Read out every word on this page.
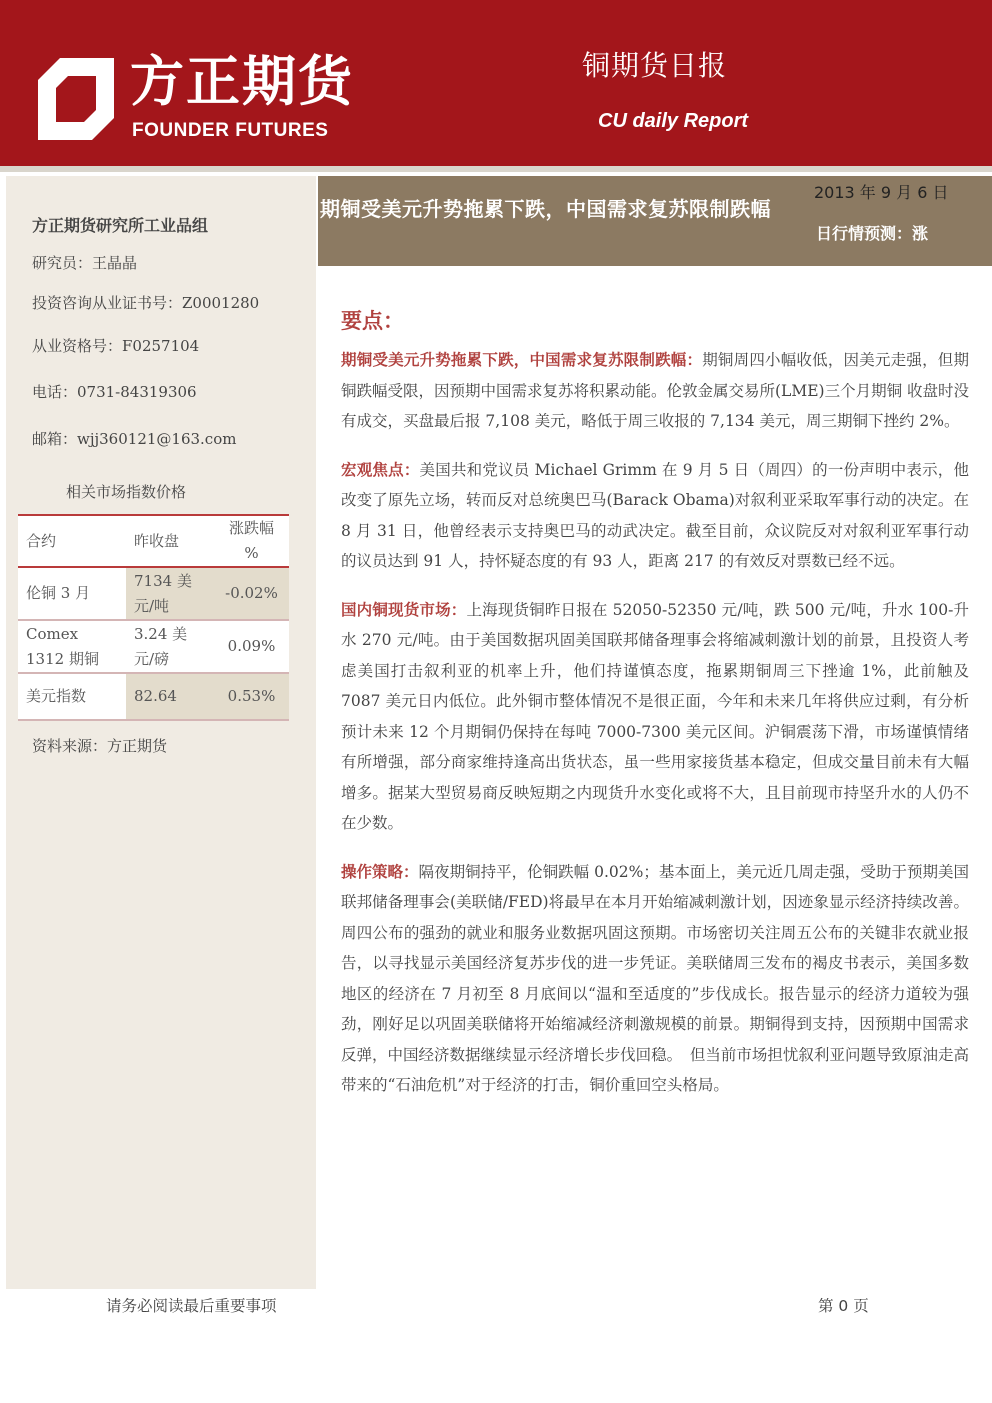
方正期货
FOUNDER FUTURES
铜期货日报
CU daily Report
方正期货研究所工业品组
研究员：王晶晶
投资咨询从业证书号：Z0001280
从业资格号：F0257104
电话：0731-84319306
邮箱：wjj360121@163.com
相关市场指数价格
合约	昨收盘	涨跌幅 %
伦铜 3 月	7134 美元/吨	-0.02%
Comex 1312 期铜	3.24 美元/磅	0.09%
美元指数	82.64	0.53%
资料来源：方正期货
2013 年 9 月 6 日
期铜受美元升势拖累下跌，中国需求复苏限制跌幅
日行情预测：涨
要点：

期铜受美元升势拖累下跌，中国需求复苏限制跌幅：期铜周四小幅收低，因美元走强，但期铜跌幅受限，因预期中国需求复苏将积累动能。伦敦金属交易所(LME)三个月期铜 收盘时没有成交，买盘最后报 7,108 美元，略低于周三收报的 7,134 美元，周三期铜下挫约 2%。

宏观焦点：美国共和党议员 Michael Grimm 在 9 月 5 日（周四）的一份声明中表示，他改变了原先立场，转而反对总统奥巴马(Barack Obama)对叙利亚采取军事行动的决定。在 8 月 31 日，他曾经表示支持奥巴马的动武决定。截至目前，众议院反对对叙利亚军事行动的议员达到 91 人，持怀疑态度的有 93 人，距离 217 的有效反对票数已经不远。

国内铜现货市场：上海现货铜昨日报在 52050-52350 元/吨，跌 500 元/吨，升水 100-升水 270 元/吨。由于美国数据巩固美国联邦储备理事会将缩减刺激计划的前景，且投资人考虑美国打击叙利亚的机率上升，他们持谨慎态度，拖累期铜周三下挫逾 1%，此前触及 7087 美元日内低位。此外铜市整体情况不是很正面，今年和未来几年将供应过剩，有分析预计未来 12 个月期铜仍保持在每吨 7000-7300 美元区间。沪铜震荡下滑，市场谨慎情绪有所增强，部分商家维持逢高出货状态，虽一些用家接货基本稳定，但成交量目前未有大幅增多。据某大型贸易商反映短期之内现货升水变化或将不大，且目前现市持坚升水的人仍不在少数。

操作策略：隔夜期铜持平，伦铜跌幅 0.02%；基本面上，美元近几周走强，受助于预期美国联邦储备理事会(美联储/FED)将最早在本月开始缩减刺激计划，因迹象显示经济持续改善。周四公布的强劲的就业和服务业数据巩固这预期。市场密切关注周五公布的关键非农就业报告，以寻找显示美国经济复苏步伐的进一步凭证。美联储周三发布的褐皮书表示，美国多数地区的经济在 7 月初至 8 月底间以“温和至适度的”步伐成长。报告显示的经济力道较为强劲，刚好足以巩固美联储将开始缩减经济刺激规模的前景。期铜得到支持，因预期中国需求反弹，中国经济数据继续显示经济增长步伐回稳。　但当前市场担忧叙利亚问题导致原油走高带来的“石油危机”对于经济的打击，铜价重回空头格局。

请务必阅读最后重要事项	第 0 页
